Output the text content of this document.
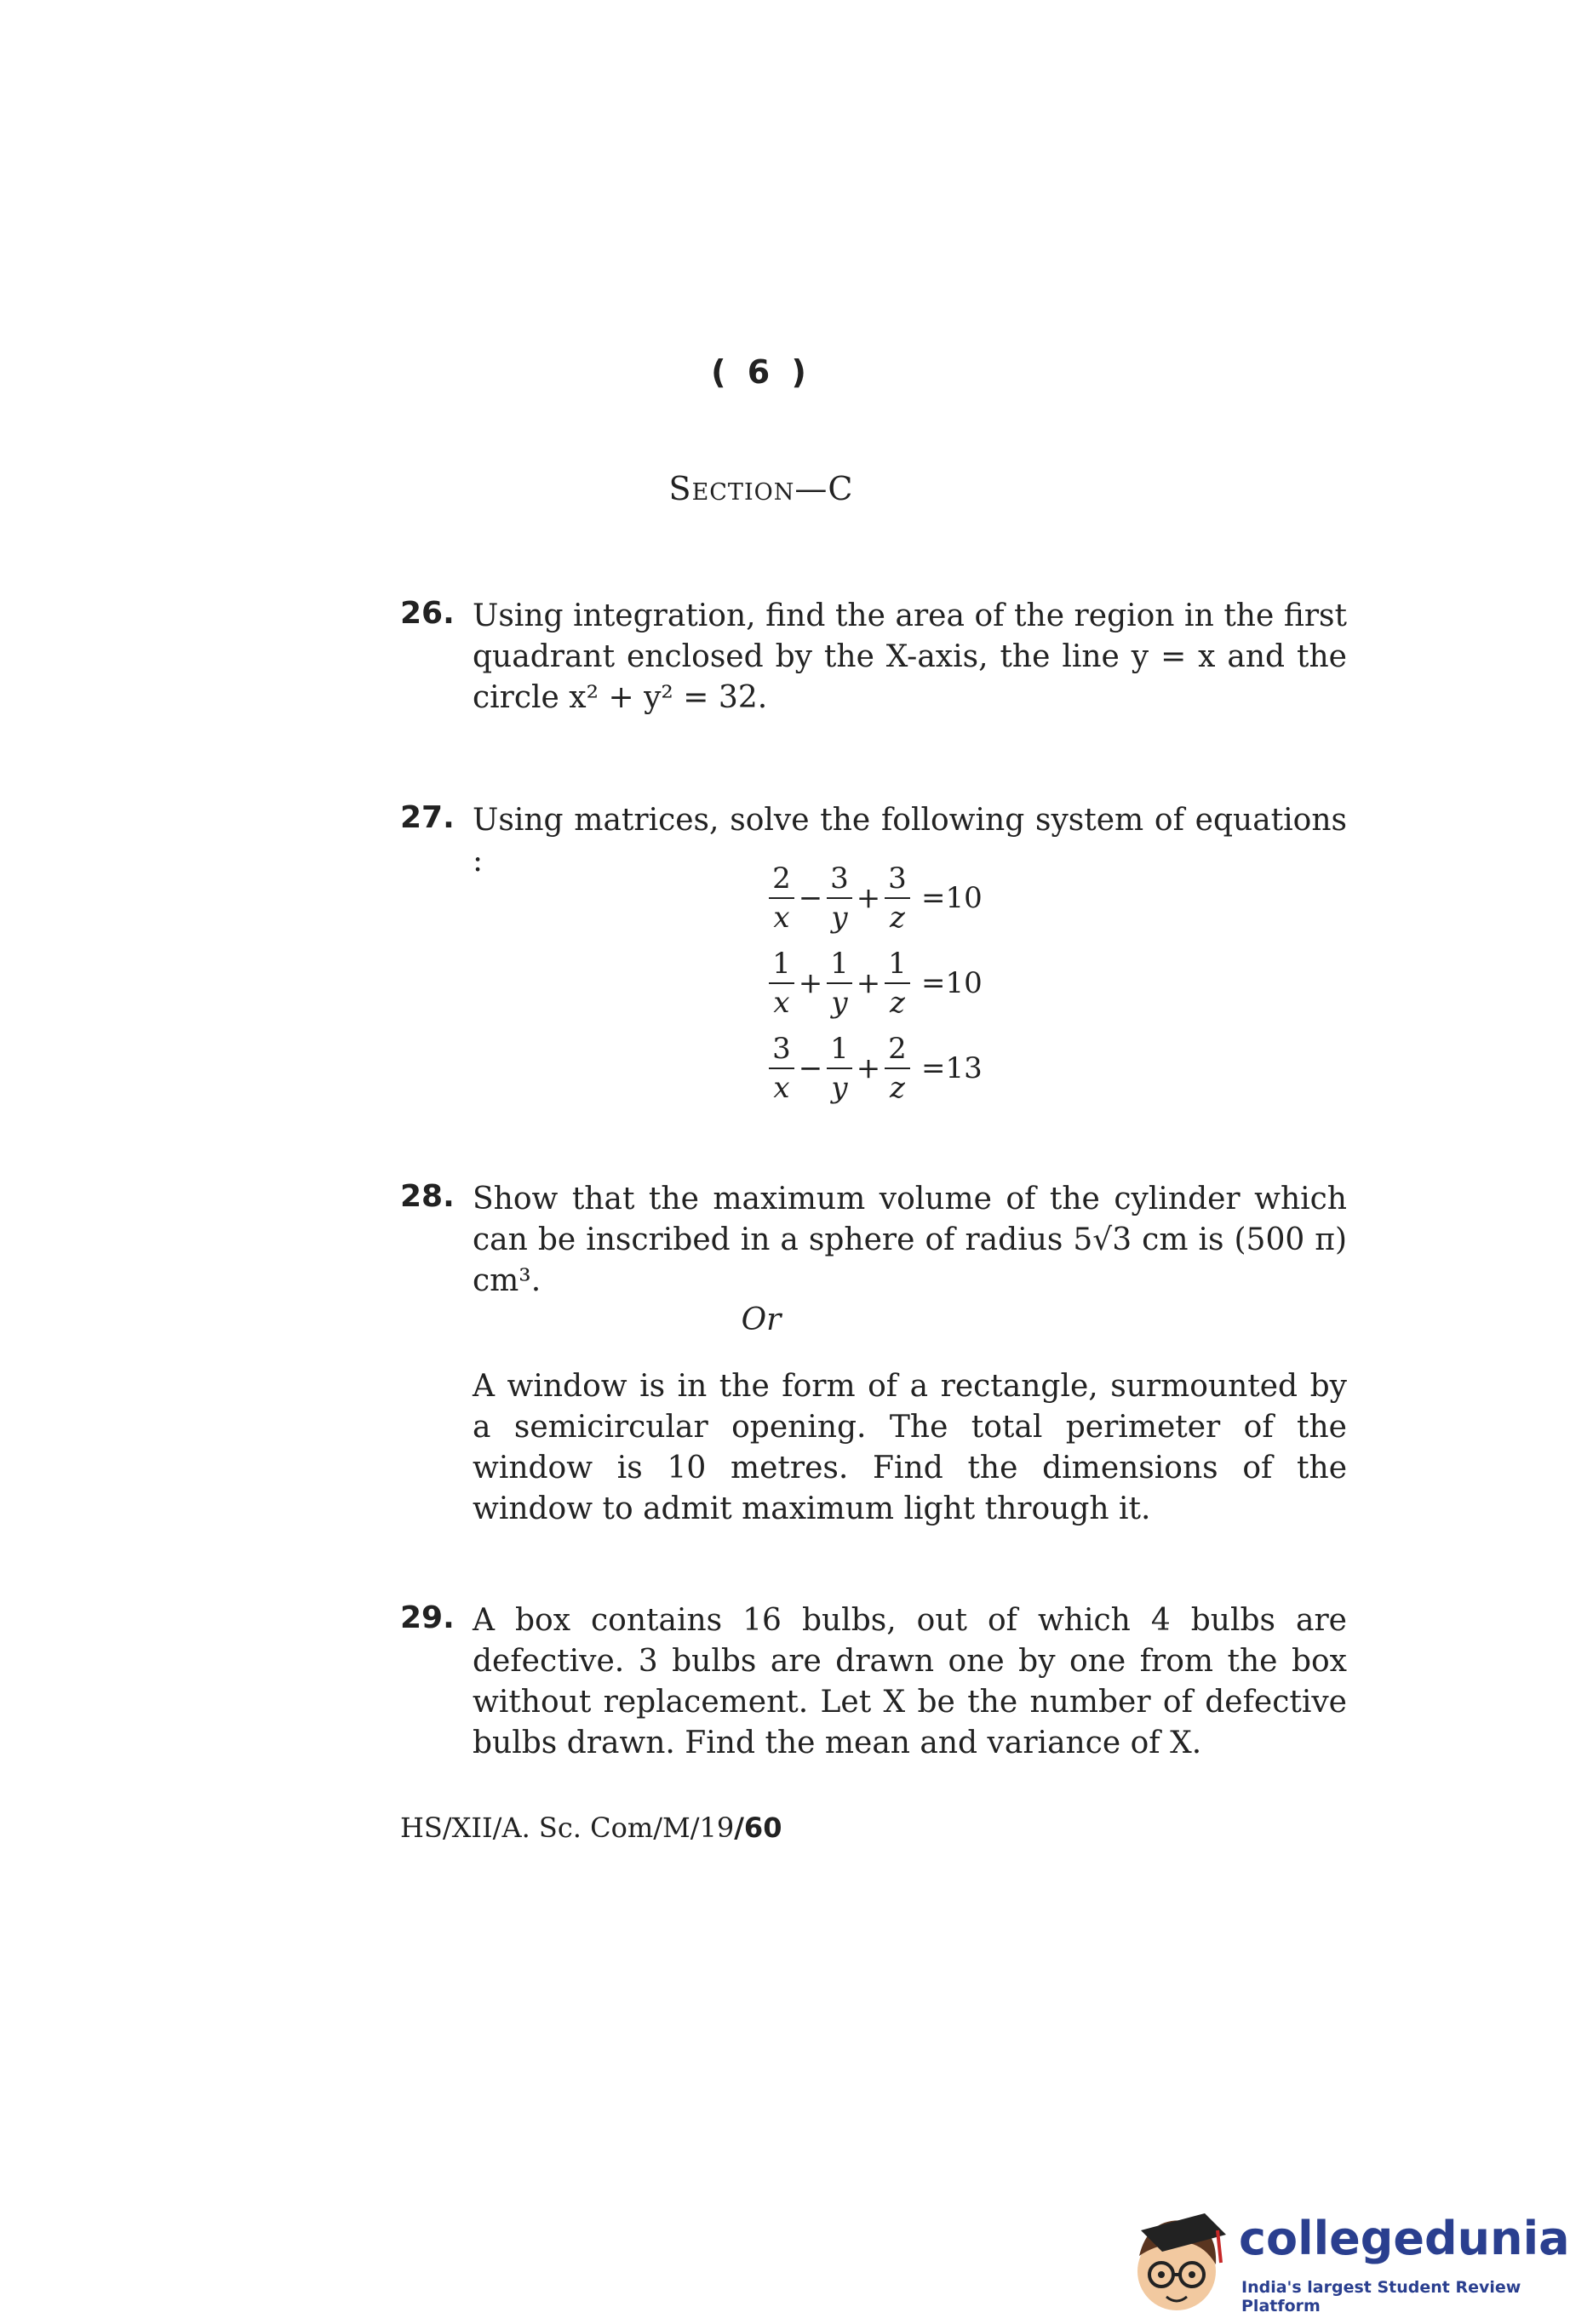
( 6 )
Section—C
26. Using integration, find the area of the region in the first quadrant enclosed by the X-axis, the line y = x and the circle x² + y² = 32.

27. Using matrices, solve the following system of equations :	$\frac{2}{x} - \frac{3}{y} + \frac{3}{z} =10$
$\frac{1}{x} + \frac{1}{y} + \frac{1}{z} =10$
$\frac{3}{x} - \frac{1}{y} + \frac{2}{z} =13$
28. Show that the maximum volume of the cylinder which can be inscribed in a sphere of radius 5√3 cm is (500 π) cm³.

Or

A window is in the form of a rectangle, surmounted by a semicircular opening. The total perimeter of the window is 10 metres. Find the dimensions of the window to admit maximum light through it.

29. A box contains 16 bulbs, out of which 4 bulbs are defective. 3 bulbs are drawn one by one from the box without replacement. Let X be the number of defective bulbs drawn. Find the mean and variance of X.

HS/XII/A. Sc. Com/M/19/60
collegedunia
India's largest Student Review Platform
